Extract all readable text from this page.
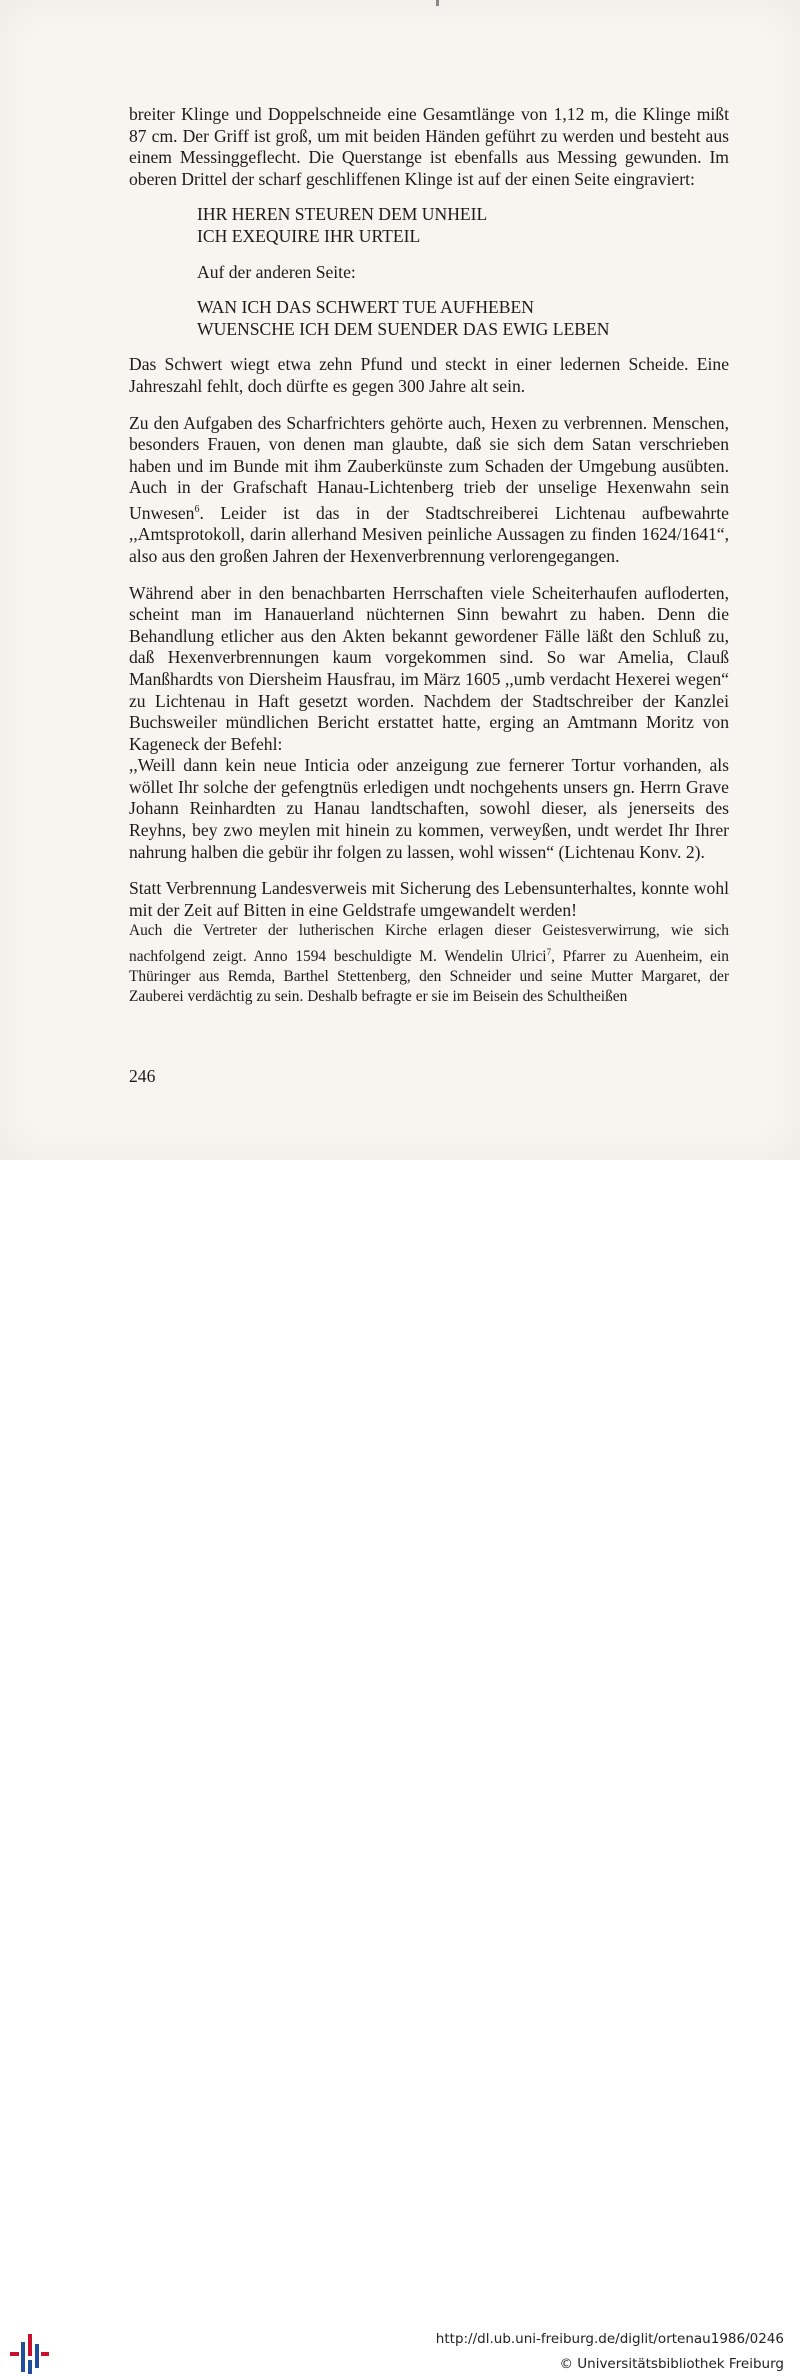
breiter Klinge und Doppelschneide eine Gesamtlänge von 1,12 m, die Klinge mißt 87 cm. Der Griff ist groß, um mit beiden Händen geführt zu werden und besteht aus einem Messinggeflecht. Die Querstange ist ebenfalls aus Messing gewunden. Im oberen Drittel der scharf geschliffenen Klinge ist auf der einen Seite eingraviert:

IHR HEREN STEUREN DEM UNHEIL
ICH EXEQUIRE IHR URTEIL
Auf der anderen Seite:
WAN ICH DAS SCHWERT TUE AUFHEBEN
WUENSCHE ICH DEM SUENDER DAS EWIG LEBEN

Das Schwert wiegt etwa zehn Pfund und steckt in einer ledernen Scheide. Eine Jahreszahl fehlt, doch dürfte es gegen 300 Jahre alt sein.

Zu den Aufgaben des Scharfrichters gehörte auch, Hexen zu verbrennen. Menschen, besonders Frauen, von denen man glaubte, daß sie sich dem Satan verschrieben haben und im Bunde mit ihm Zauberkünste zum Schaden der Umgebung ausübten. Auch in der Grafschaft Hanau-Lichtenberg trieb der unselige Hexenwahn sein Unwesen$^6$. Leider ist das in der Stadtschreiberei Lichtenau aufbewahrte ,,Amtsprotokoll, darin allerhand Mesiven peinliche Aussagen zu finden 1624/1641“, also aus den großen Jahren der Hexenverbrennung verlorengegangen.

Während aber in den benachbarten Herrschaften viele Scheiterhaufen aufloderten, scheint man im Hanauerland nüchternen Sinn bewahrt zu haben. Denn die Behandlung etlicher aus den Akten bekannt gewordener Fälle läßt den Schluß zu, daß Hexenverbrennungen kaum vorgekommen sind. So war Amelia, Clauß Manßhardts von Diersheim Hausfrau, im März 1605 ,,umb verdacht Hexerei wegen“ zu Lichtenau in Haft gesetzt worden. Nachdem der Stadtschreiber der Kanzlei Buchsweiler mündlichen Bericht erstattet hatte, erging an Amtmann Moritz von Kageneck der Befehl:

,,Weill dann kein neue Inticia oder anzeigung zue fernerer Tortur vorhanden, als wöllet Ihr solche der gefengtnüs erledigen undt nochgehents unsers gn. Herrn Grave Johann Reinhardten zu Hanau landtschaften, sowohl dieser, als jenerseits des Reyhns, bey zwo meylen mit hinein zu kommen, verweyßen, undt werdet Ihr Ihrer nahrung halben die gebür ihr folgen zu lassen, wohl wissen“ (Lichtenau Konv. 2).

Statt Verbrennung Landesverweis mit Sicherung des Lebensunterhaltes, konnte wohl mit der Zeit auf Bitten in eine Geldstrafe umgewandelt werden!

Auch die Vertreter der lutherischen Kirche erlagen dieser Geistesverwirrung, wie sich nachfolgend zeigt. Anno 1594 beschuldigte M. Wendelin Ulrici$^7$, Pfarrer zu Auenheim, ein Thüringer aus Remda, Barthel Stettenberg, den Schneider und seine Mutter Margaret, der Zauberei verdächtig zu sein. Deshalb befragte er sie im Beisein des Schultheißen

246
http://dl.ub.uni-freiburg.de/diglit/ortenau1986/0246
© Universitätsbibliothek Freiburg
